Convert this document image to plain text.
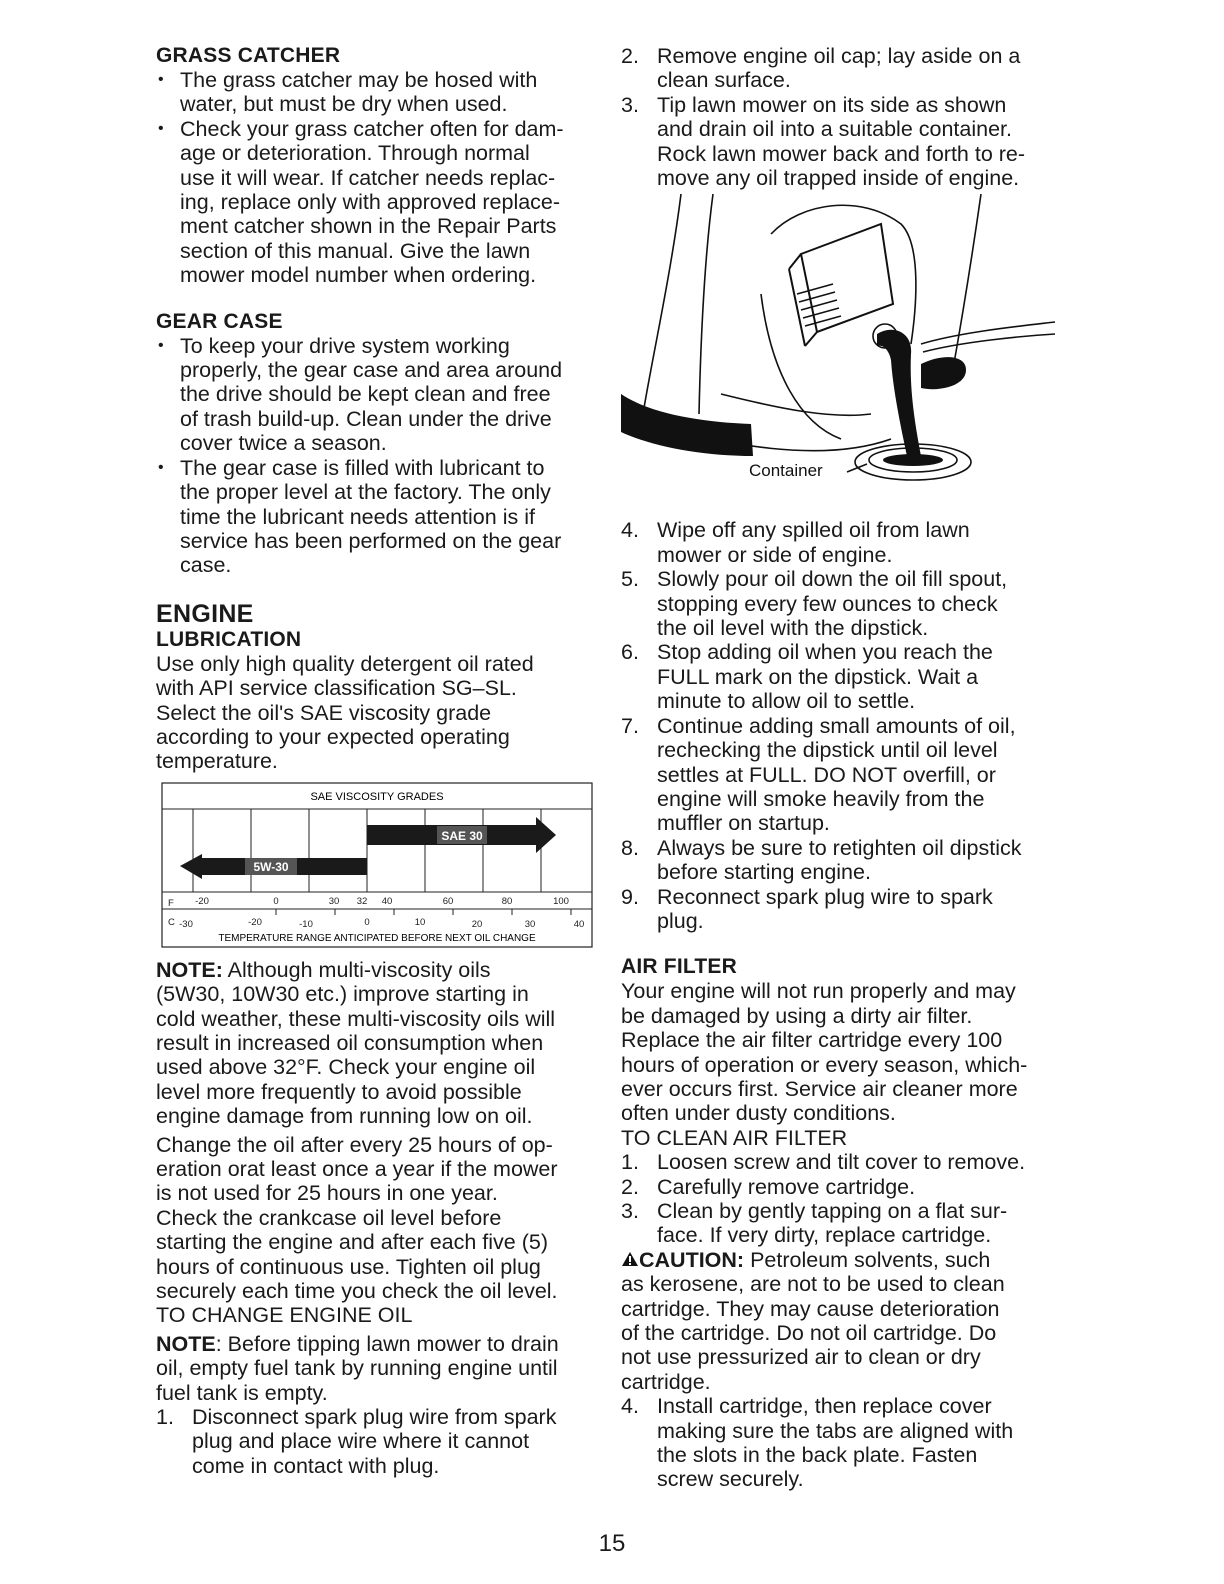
GRASS CATCHER
• The grass catcher may be hosed with
water, but must be dry when used.
• Check your grass catcher often for dam-
age or deterioration. Through normal
use it will wear. If catcher needs replac-
ing, replace only with approved replace-
ment catcher shown in the Repair Parts
section of this manual. Give the lawn
mower model number when ordering.
GEAR CASE
• To keep your drive system working
properly, the gear case and area around
the drive should be kept clean and free
of trash build-up. Clean under the drive
cover twice a season.
• The gear case is filled with lubricant to
the proper level at the factory. The only
time the lubricant needs attention is if
service has been performed on the gear
case.
ENGINE
LUBRICATION

Use only high quality detergent oil rated
with API service classification SG–SL.
Select the oil's SAE viscosity grade
according to your expected operating
temperature.

SAE VISCOSITY GRADES
5W-30
SAE 30
F -20	0	30 32 40	60	80	100
C -30	-20	-10	0	10	20	30	40
TEMPERATURE RANGE ANTICIPATED BEFORE NEXT OIL CHANGE

NOTE: Although multi-viscosity oils
(5W30, 10W30 etc.) improve starting in
cold weather, these multi-viscosity oils will
result in increased oil consumption when
used above 32°F. Check your engine oil
level more frequently to avoid possible
engine damage from running low on oil.

Change the oil after every 25 hours of op-
eration orat least once a year if the mower
is not used for 25 hours in one year.
Check the crankcase oil level before
starting the engine and after each five (5)
hours of continuous use. Tighten oil plug
securely each time you check the oil level.

TO CHANGE ENGINE OIL

NOTE: Before tipping lawn mower to drain
oil, empty fuel tank by running engine until
fuel tank is empty.

1. Disconnect spark plug wire from spark
plug and place wire where it cannot
come in contact with plug.
2. Remove engine oil cap; lay aside on a
clean surface.
3. Tip lawn mower on its side as shown
and drain oil into a suitable container.
Rock lawn mower back and forth to re-
move any oil trapped inside of engine.
Container
4. Wipe off any spilled oil from lawn
mower or side of engine.
5. Slowly pour oil down the oil fill spout,
stopping every few ounces to check
the oil level with the dipstick.
6. Stop adding oil when you reach the
FULL mark on the dipstick. Wait a
minute to allow oil to settle.
7. Continue adding small amounts of oil,
rechecking the dipstick until oil level
settles at FULL. DO NOT overfill, or
engine will smoke heavily from the
muffler on startup.
8. Always be sure to retighten oil dipstick
before starting engine.
9. Reconnect spark plug wire to spark
plug.
AIR FILTER

Your engine will not run properly and may
be damaged by using a dirty air filter.
Replace the air filter cartridge every 100
hours of operation or every season, which-
ever occurs first. Service air cleaner more
often under dusty conditions.

TO CLEAN AIR FILTER

1. Loosen screw and tilt cover to remove.
2. Carefully remove cartridge.
3. Clean by gently tapping on a flat sur-
face. If very dirty, replace cartridge.

CAUTION: Petroleum solvents, such
as kerosene, are not to be used to clean
cartridge. They may cause deterioration
of the cartridge. Do not oil cartridge. Do
not use pressurized air to clean or dry
cartridge.

4. Install cartridge, then replace cover
making sure the tabs are aligned with
the slots in the back plate. Fasten
screw securely.
15
